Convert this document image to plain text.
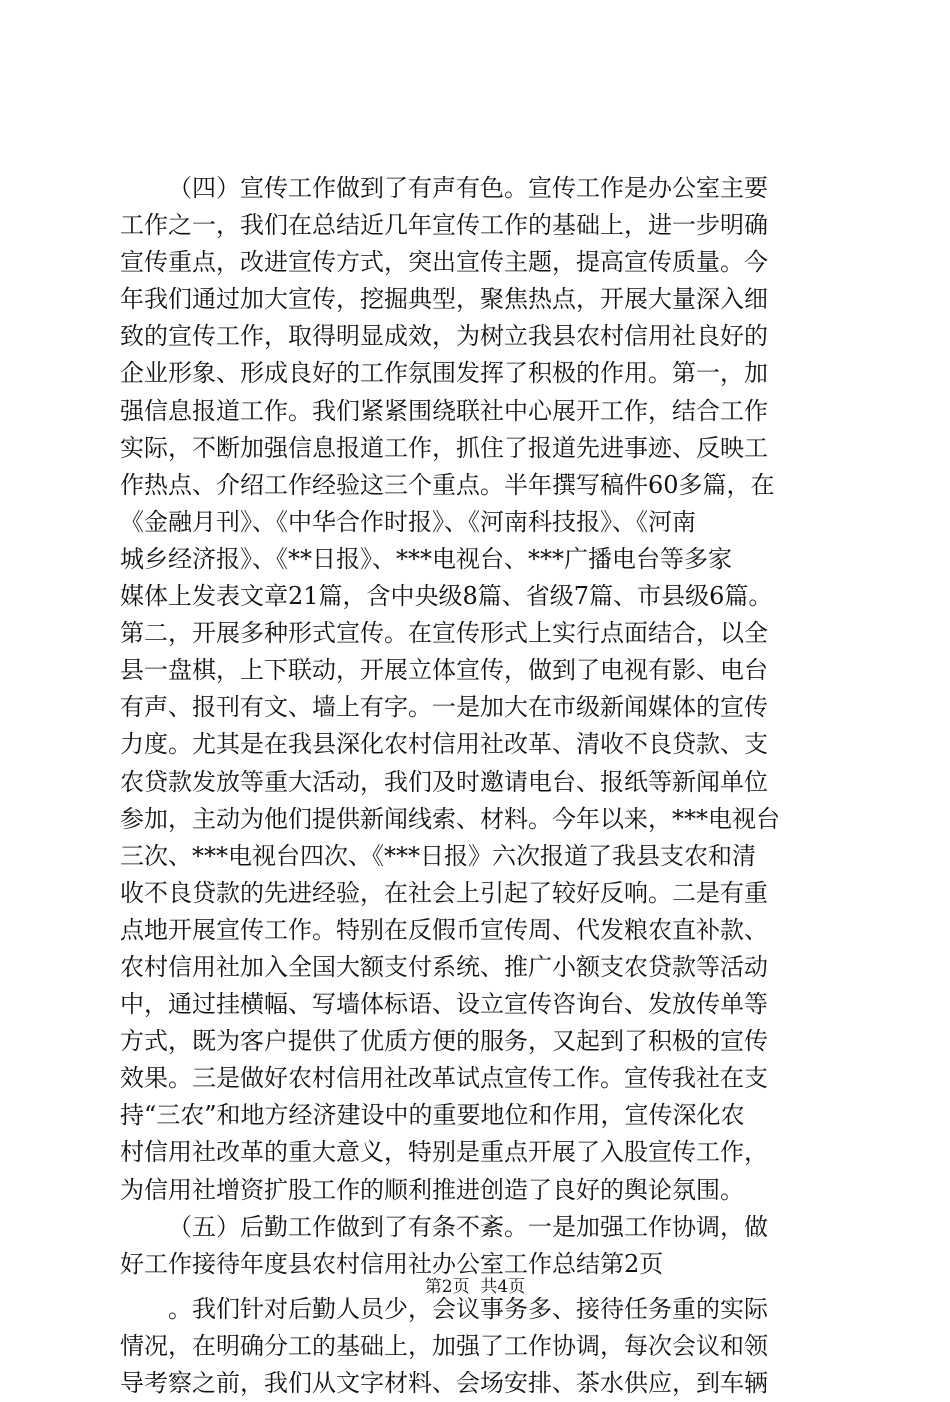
（四）宣传工作做到了有声有色。宣传工作是办公室主要
工作之一，我们在总结近几年宣传工作的基础上，进一步明确
宣传重点，改进宣传方式，突出宣传主题，提高宣传质量。今
年我们通过加大宣传，挖掘典型，聚焦热点，开展大量深入细
致的宣传工作，取得明显成效，为树立我县农村信用社良好的
企业形象、形成良好的工作氛围发挥了积极的作用。第一，加
强信息报道工作。我们紧紧围绕联社中心展开工作，结合工作
实际，不断加强信息报道工作，抓住了报道先进事迹、反映工
作热点、介绍工作经验这三个重点。半年撰写稿件60多篇，在
《金融月刊》、《中华合作时报》、《河南科技报》、《河南
城乡经济报》、《**日报》、***电视台、***广播电台等多家
媒体上发表文章21篇，含中央级8篇、省级7篇、市县级6篇。
第二，开展多种形式宣传。在宣传形式上实行点面结合，以全
县一盘棋，上下联动，开展立体宣传，做到了电视有影、电台
有声、报刊有文、墙上有字。一是加大在市级新闻媒体的宣传
力度。尤其是在我县深化农村信用社改革、清收不良贷款、支
农贷款发放等重大活动，我们及时邀请电台、报纸等新闻单位
参加，主动为他们提供新闻线索、材料。今年以来，***电视台
三次、***电视台四次、《***日报》六次报道了我县支农和清
收不良贷款的先进经验，在社会上引起了较好反响。二是有重
点地开展宣传工作。特别在反假币宣传周、代发粮农直补款、
农村信用社加入全国大额支付系统、推广小额支农贷款等活动
中，通过挂横幅、写墙体标语、设立宣传咨询台、发放传单等
方式，既为客户提供了优质方便的服务，又起到了积极的宣传
效果。三是做好农村信用社改革试点宣传工作。宣传我社在支
持“三农”和地方经济建设中的重要地位和作用，宣传深化农
村信用社改革的重大意义，特别是重点开展了入股宣传工作，
为信用社增资扩股工作的顺利推进创造了良好的舆论氛围。
（五）后勤工作做到了有条不紊。一是加强工作协调，做
好工作接待年度县农村信用社办公室工作总结第2页
。我们针对后勤人员少，会议事务多、接待任务重的实际
情况，在明确分工的基础上，加强了工作协调，每次会议和领
导考察之前，我们从文字材料、会场安排、茶水供应，到车辆
第2页  共4页
